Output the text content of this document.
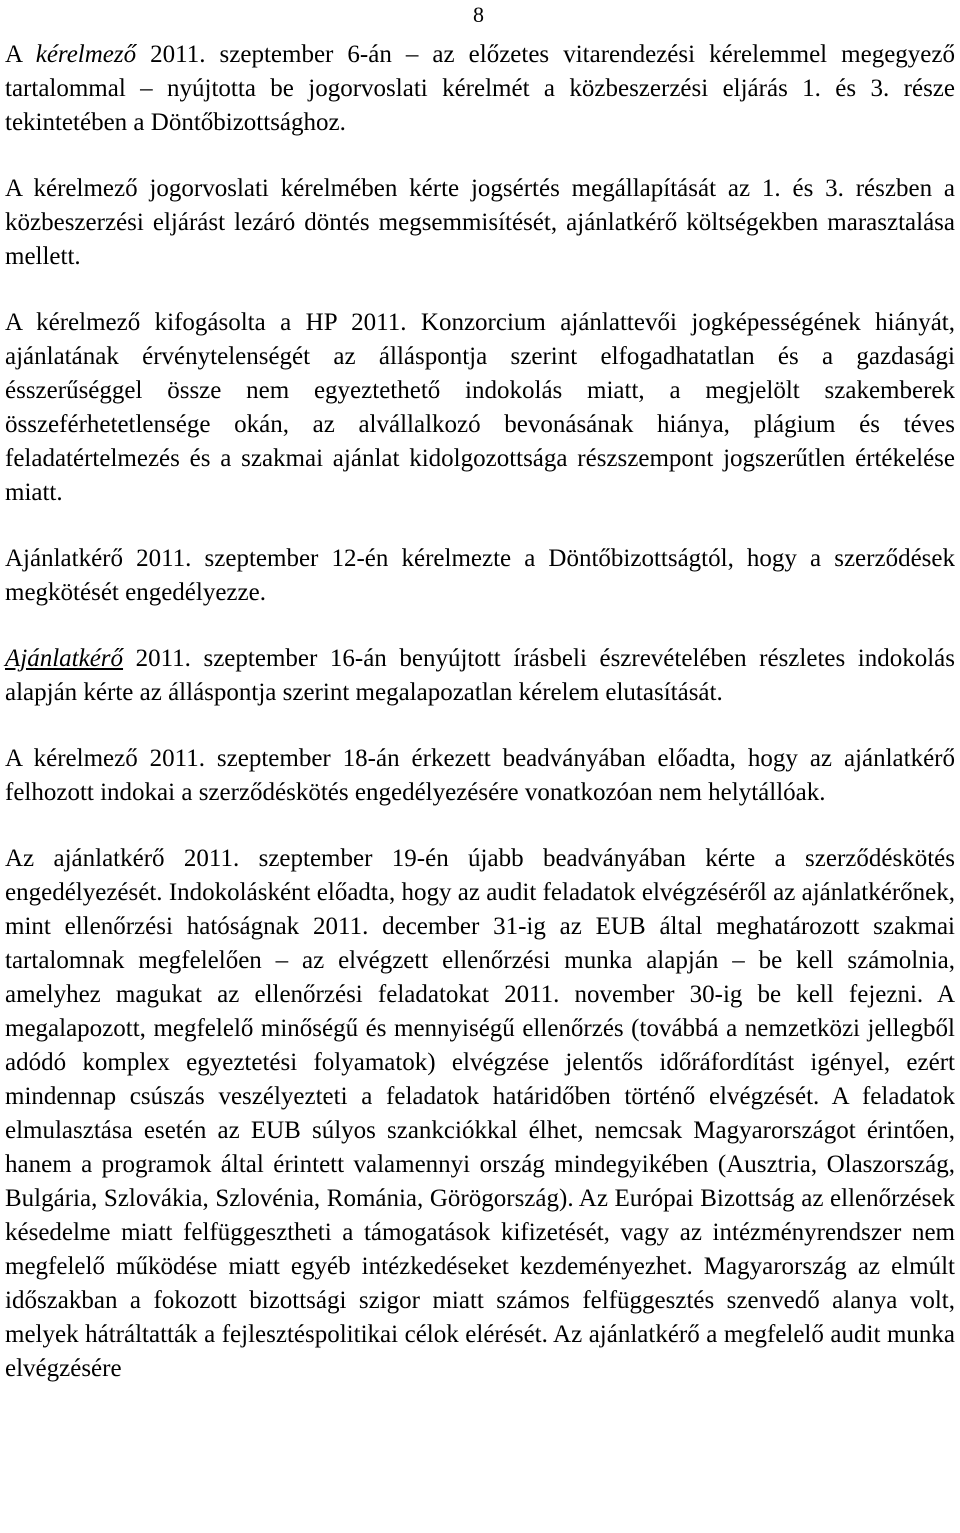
8

A kérelmező 2011. szeptember 6-án – az előzetes vitarendezési kérelemmel megegyező tartalommal – nyújtotta be jogorvoslati kérelmét a közbeszerzési eljárás 1. és 3. része tekintetében a Döntőbizottsághoz.

A kérelmező jogorvoslati kérelmében kérte jogsértés megállapítását az 1. és 3. részben a közbeszerzési eljárást lezáró döntés megsemmisítését, ajánlatkérő költségekben marasztalása mellett.

A kérelmező kifogásolta a HP 2011. Konzorcium ajánlattevői jogképességének hiányát, ajánlatának érvénytelenségét az álláspontja szerint elfogadhatatlan és a gazdasági ésszerűséggel össze nem egyeztethető indokolás miatt, a megjelölt szakemberek összeférhetetlensége okán, az alvállalkozó bevonásának hiánya, plágium és téves feladatértelmezés és a szakmai ajánlat kidolgozottsága részszempont jogszerűtlen értékelése miatt.

Ajánlatkérő 2011. szeptember 12-én kérelmezte a Döntőbizottságtól, hogy a szerződések megkötését engedélyezze.

Ajánlatkérő 2011. szeptember 16-án benyújtott írásbeli észrevételében részletes indokolás alapján kérte az álláspontja szerint megalapozatlan kérelem elutasítását.

A kérelmező 2011. szeptember 18-án érkezett beadványában előadta, hogy az ajánlatkérő felhozott indokai a szerződéskötés engedélyezésére vonatkozóan nem helytállóak.

Az ajánlatkérő 2011. szeptember 19-én újabb beadványában kérte a szerződéskötés engedélyezését. Indokolásként előadta, hogy az audit feladatok elvégzéséről az ajánlatkérőnek, mint ellenőrzési hatóságnak 2011. december 31-ig az EUB által meghatározott szakmai tartalomnak megfelelően – az elvégzett ellenőrzési munka alapján – be kell számolnia, amelyhez magukat az ellenőrzési feladatokat 2011. november 30-ig be kell fejezni. A megalapozott, megfelelő minőségű és mennyiségű ellenőrzés (továbbá a nemzetközi jellegből adódó komplex egyeztetési folyamatok) elvégzése jelentős időráfordítást igényel, ezért mindennap csúszás veszélyezteti a feladatok határidőben történő elvégzését. A feladatok elmulasztása esetén az EUB súlyos szankciókkal élhet, nemcsak Magyarországot érintően, hanem a programok által érintett valamennyi ország mindegyikében (Ausztria, Olaszország, Bulgária, Szlovákia, Szlovénia, Románia, Görögország). Az Európai Bizottság az ellenőrzések késedelme miatt felfüggesztheti a támogatások kifizetését, vagy az intézményrendszer nem megfelelő működése miatt egyéb intézkedéseket kezdeményezhet. Magyarország az elmúlt időszakban a fokozott bizottsági szigor miatt számos felfüggesztés szenvedő alanya volt, melyek hátráltatták a fejlesztéspolitikai célok elérését. Az ajánlatkérő a megfelelő audit munka elvégzésére
